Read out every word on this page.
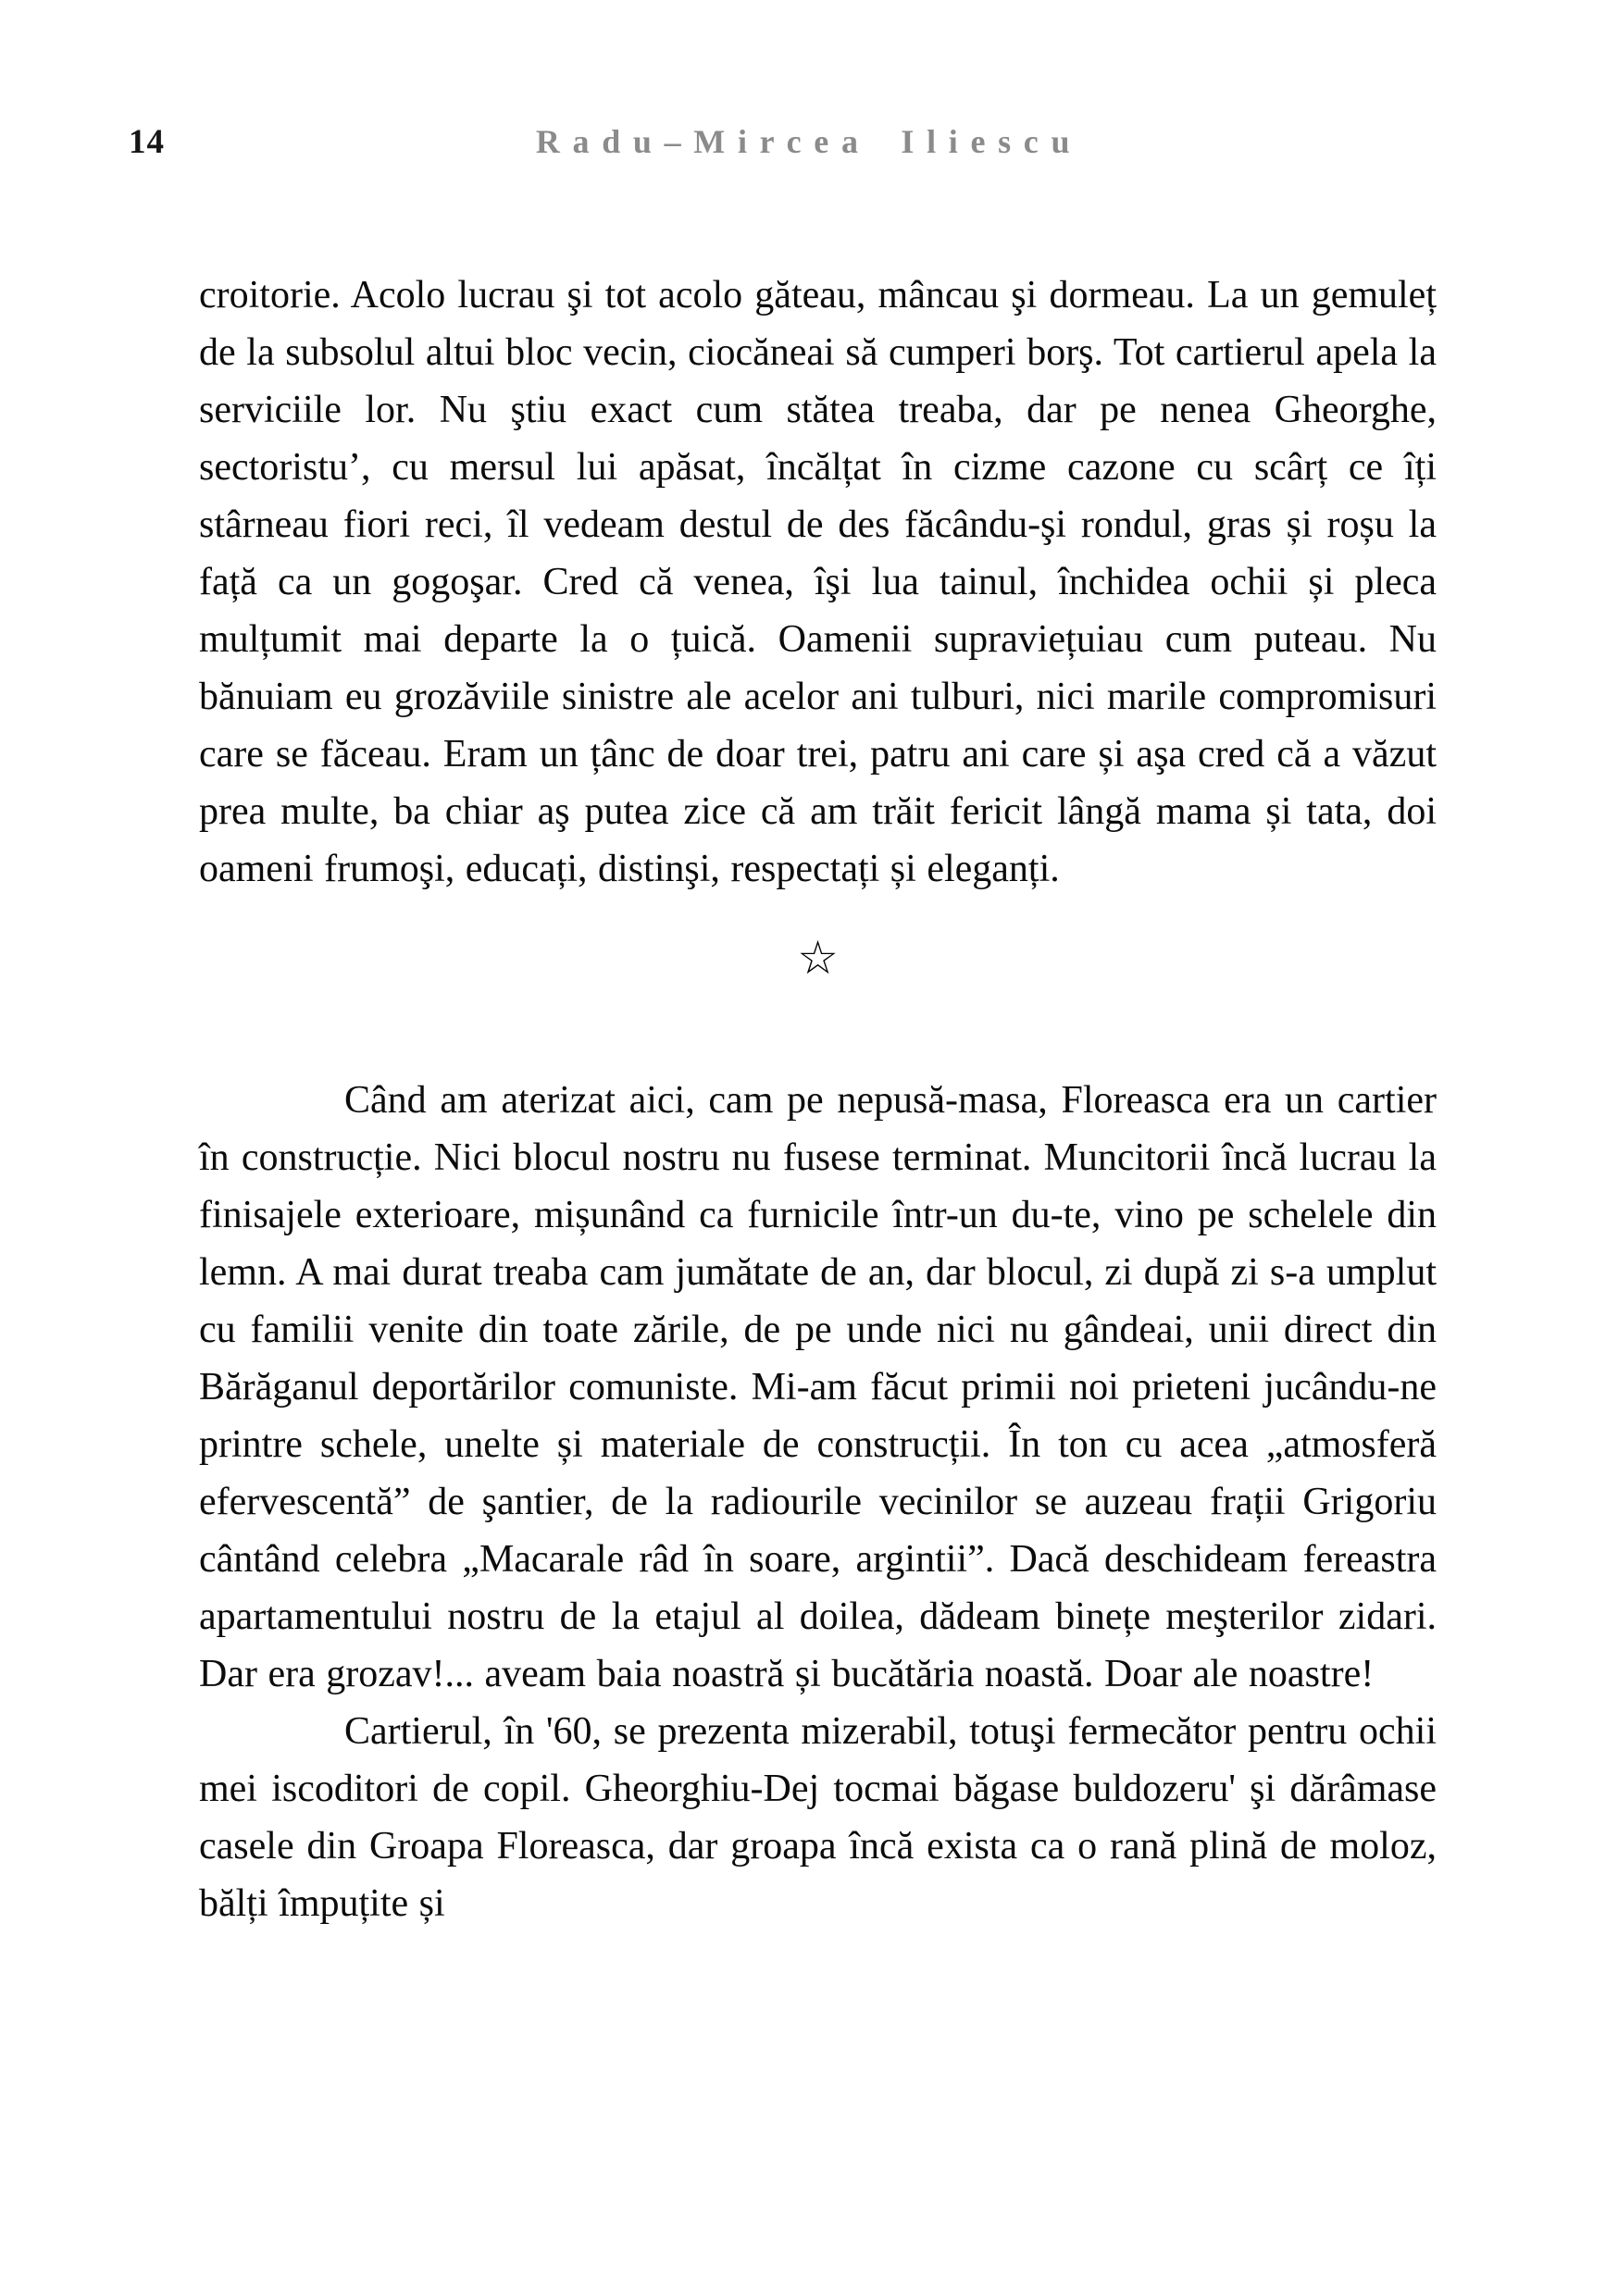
14	Radu–Mircea Iliescu

croitorie. Acolo lucrau şi tot acolo găteau, mâncau şi dormeau. La un gemuleț de la subsolul altui bloc vecin, ciocăneai să cumperi borş. Tot cartierul apela la serviciile lor. Nu ştiu exact cum stătea treaba, dar pe nenea Gheorghe, sectoristu’, cu mersul lui apăsat, încălțat în cizme cazone cu scârț ce îți stârneau fiori reci, îl vedeam destul de des făcându-şi rondul, gras și roșu la față ca un gogoşar. Cred că venea, îşi lua tainul, închidea ochii și pleca mulțumit mai departe la o țuică. Oamenii supraviețuiau cum puteau. Nu bănuiam eu grozăviile sinistre ale acelor ani tulburi, nici marile compromisuri care se făceau. Eram un țânc de doar trei, patru ani care și aşa cred că a văzut prea multe, ba chiar aş putea zice că am trăit fericit lângă mama și tata, doi oameni frumoşi, educați, distinşi, respectați și eleganți.

☆

Când am aterizat aici, cam pe nepusă-masa, Floreasca era un cartier în construcție. Nici blocul nostru nu fusese terminat. Muncitorii încă lucrau la finisajele exterioare, mișunând ca furnicile într-un du-te, vino pe schelele din lemn. A mai durat treaba cam jumătate de an, dar blocul, zi după zi s-a umplut cu familii venite din toate zările, de pe unde nici nu gândeai, unii direct din Bărăganul deportărilor comuniste. Mi-am făcut primii noi prieteni jucându-ne printre schele, unelte și materiale de construcții. În ton cu acea „atmosferă efervescentă” de şantier, de la radiourile vecinilor se auzeau frații Grigoriu cântând celebra „Macarale râd în soare, argintii”. Dacă deschideam fereastra apartamentului nostru de la etajul al doilea, dădeam binețe meşterilor zidari. Dar era grozav!... aveam baia noastră și bucătăria noastă. Doar ale noastre!

Cartierul, în '60, se prezenta mizerabil, totuşi fermecător pentru ochii mei iscoditori de copil. Gheorghiu-Dej tocmai băgase buldozeru' şi dărâmase casele din Groapa Floreasca, dar groapa încă exista ca o rană plină de moloz, bălți împuțite și
